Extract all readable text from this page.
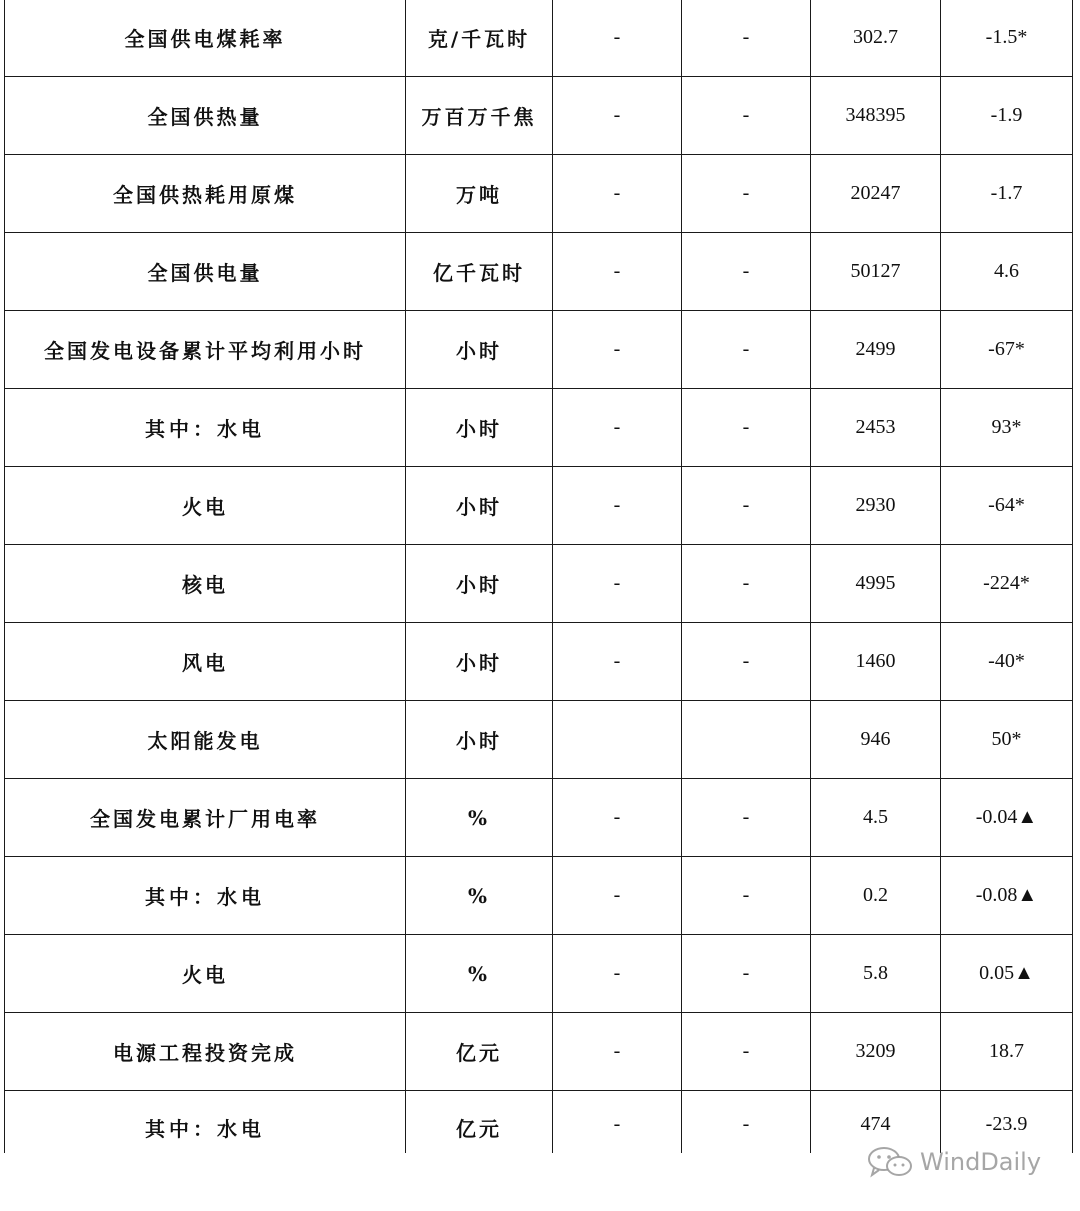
全国供电煤耗率	克/千瓦时	-	-	302.7	-1.5*
全国供热量	万百万千焦	-	-	348395	-1.9
全国供热耗用原煤	万吨	-	-	20247	-1.7
全国供电量	亿千瓦时	-	-	50127	4.6
全国发电设备累计平均利用小时	小时	-	-	2499	-67*
其中：水电	小时	-	-	2453	93*
火电	小时	-	-	2930	-64*
核电	小时	-	-	4995	-224*
风电	小时	-	-	1460	-40*
太阳能发电	小时			946	50*
全国发电累计厂用电率	%	-	-	4.5	-0.04▲
其中：水电	%	-	-	0.2	-0.08▲
火电	%	-	-	5.8	0.05▲
电源工程投资完成	亿元	-	-	3209	18.7
其中：水电	亿元	-	-	474	-23.9
WindDaily
